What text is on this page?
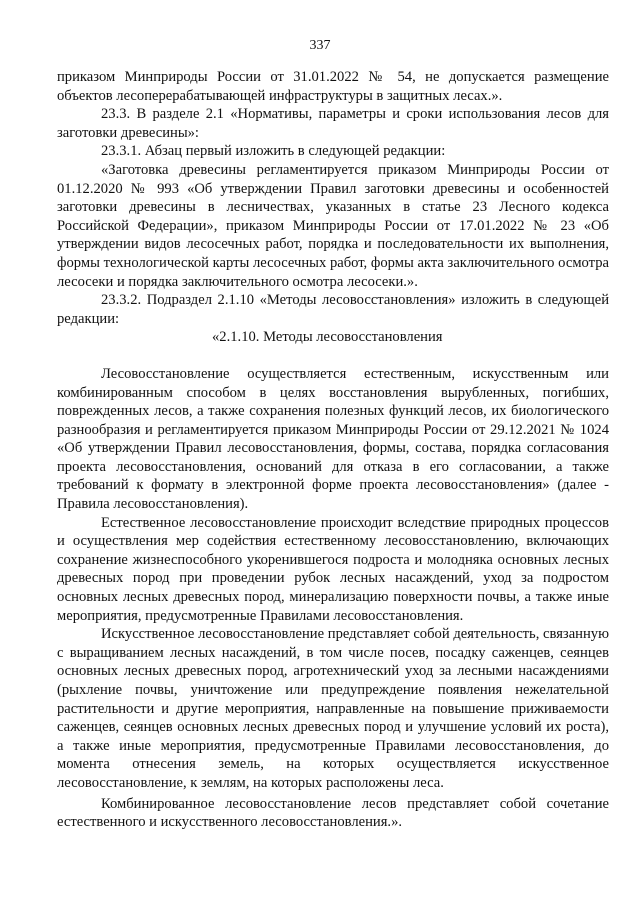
337

приказом Минприроды России от 31.01.2022 № 54, не допускается размещение объектов лесоперерабатывающей инфраструктуры в защитных лесах.».

23.3. В разделе 2.1 «Нормативы, параметры и сроки использования лесов для заготовки древесины»:

23.3.1. Абзац первый изложить в следующей редакции:

«Заготовка древесины регламентируется приказом Минприроды России от 01.12.2020 № 993 «Об утверждении Правил заготовки древесины и особенностей заготовки древесины в лесничествах, указанных в статье 23 Лесного кодекса Российской Федерации», приказом Минприроды России от 17.01.2022 № 23 «Об утверждении видов лесосечных работ, порядка и последовательности их выполнения, формы технологической карты лесосечных работ, формы акта заключительного осмотра лесосеки и порядка заключительного осмотра лесосеки.».

23.3.2. Подраздел 2.1.10 «Методы лесовосстановления» изложить в следующей редакции:

«2.1.10. Методы лесовосстановления

Лесовосстановление осуществляется естественным, искусственным или комбинированным способом в целях восстановления вырубленных, погибших, поврежденных лесов, а также сохранения полезных функций лесов, их биологического разнообразия и регламентируется приказом Минприроды России от 29.12.2021 № 1024 «Об утверждении Правил лесовосстановления, формы, состава, порядка согласования проекта лесовосстановления, оснований для отказа в его согласовании, а также требований к формату в электронной форме проекта лесовосстановления» (далее - Правила лесовосстановления).

Естественное лесовосстановление происходит вследствие природных процессов и осуществления мер содействия естественному лесовосстановлению, включающих сохранение жизнеспособного укоренившегося подроста и молодняка основных лесных древесных пород при проведении рубок лесных насаждений, уход за подростом основных лесных древесных пород, минерализацию поверхности почвы, а также иные мероприятия, предусмотренные Правилами лесовосстановления.

Искусственное лесовосстановление представляет собой деятельность, связанную с выращиванием лесных насаждений, в том числе посев, посадку саженцев, сеянцев основных лесных древесных пород, агротехнический уход за лесными насаждениями (рыхление почвы, уничтожение или предупреждение появления нежелательной растительности и другие мероприятия, направленные на повышение приживаемости саженцев, сеянцев основных лесных древесных пород и улучшение условий их роста), а также иные мероприятия, предусмотренные Правилами лесовосстановления, до момента отнесения земель, на которых осуществляется искусственное лесовосстановление, к землям, на которых расположены леса.

Комбинированное лесовосстановление лесов представляет собой сочетание естественного и искусственного лесовосстановления.».
